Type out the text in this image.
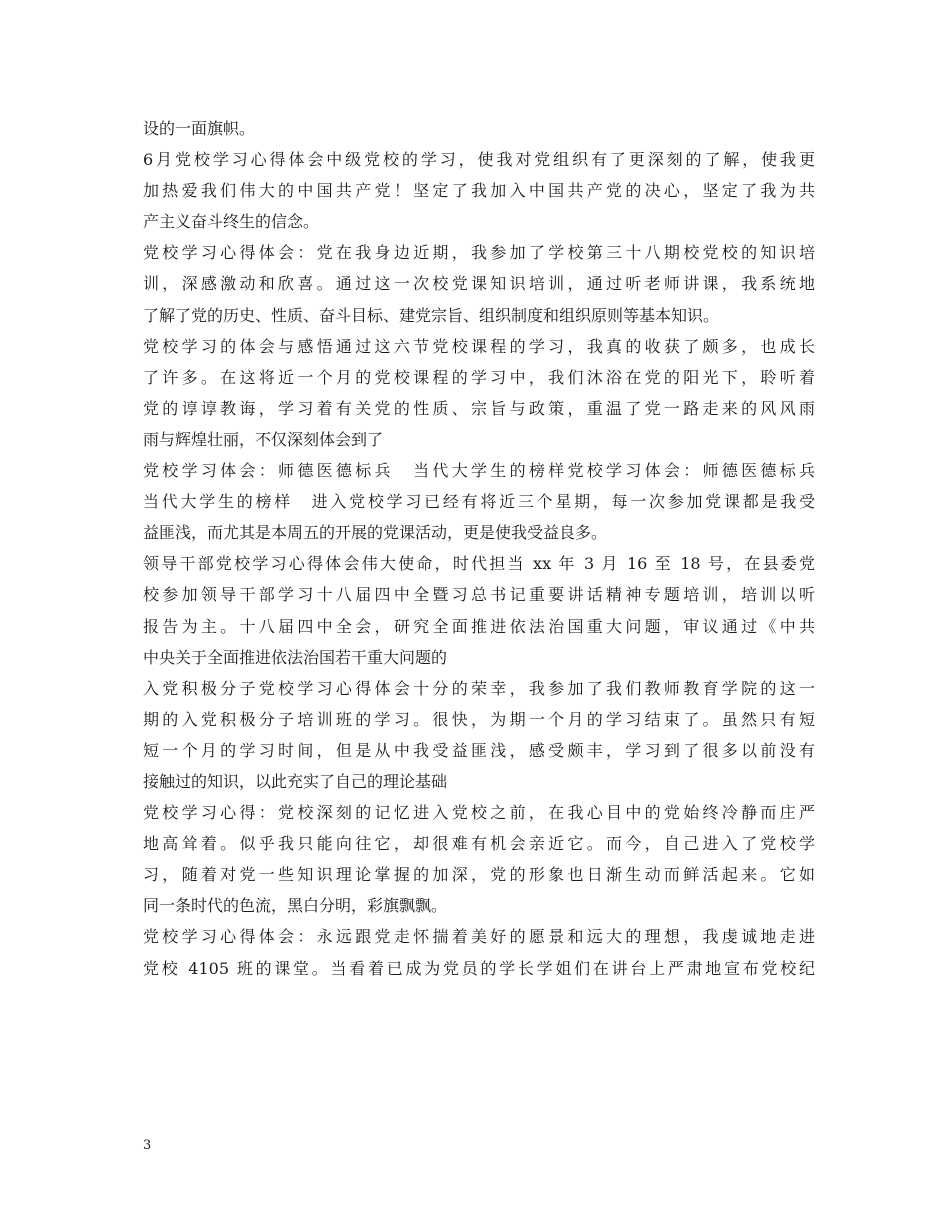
设的一面旗帜。
6月党校学习心得体会中级党校的学习，使我对党组织有了更深刻的了解，使我更
加热爱我们伟大的中国共产党！坚定了我加入中国共产党的决心，坚定了我为共
产主义奋斗终生的信念。
党校学习心得体会：党在我身边近期，我参加了学校第三十八期校党校的知识培
训，深感激动和欣喜。通过这一次校党课知识培训，通过听老师讲课，我系统地
了解了党的历史、性质、奋斗目标、建党宗旨、组织制度和组织原则等基本知识。
党校学习的体会与感悟通过这六节党校课程的学习，我真的收获了颇多，也成长
了许多。在这将近一个月的党校课程的学习中，我们沐浴在党的阳光下，聆听着
党的谆谆教诲，学习着有关党的性质、宗旨与政策，重温了党一路走来的风风雨
雨与辉煌壮丽，不仅深刻体会到了
党校学习体会：师德医德标兵　当代大学生的榜样党校学习体会：师德医德标兵
当代大学生的榜样　进入党校学习已经有将近三个星期，每一次参加党课都是我受
益匪浅，而尤其是本周五的开展的党课活动，更是使我受益良多。
领导干部党校学习心得体会伟大使命，时代担当 xx 年 3 月 16 至 18 号，在县委党
校参加领导干部学习十八届四中全暨习总书记重要讲话精神专题培训，培训以听
报告为主。十八届四中全会，研究全面推进依法治国重大问题，审议通过《中共
中央关于全面推进依法治国若干重大问题的
入党积极分子党校学习心得体会十分的荣幸，我参加了我们教师教育学院的这一
期的入党积极分子培训班的学习。很快，为期一个月的学习结束了。虽然只有短
短一个月的学习时间，但是从中我受益匪浅，感受颇丰，学习到了很多以前没有
接触过的知识，以此充实了自己的理论基础
党校学习心得：党校深刻的记忆进入党校之前，在我心目中的党始终冷静而庄严
地高耸着。似乎我只能向往它，却很难有机会亲近它。而今，自己进入了党校学
习，随着对党一些知识理论掌握的加深，党的形象也日渐生动而鲜活起来。它如
同一条时代的色流，黑白分明，彩旗飘飘。
党校学习心得体会：永远跟党走怀揣着美好的愿景和远大的理想，我虔诚地走进
党校 4105 班的课堂。当看着已成为党员的学长学姐们在讲台上严肃地宣布党校纪
3
